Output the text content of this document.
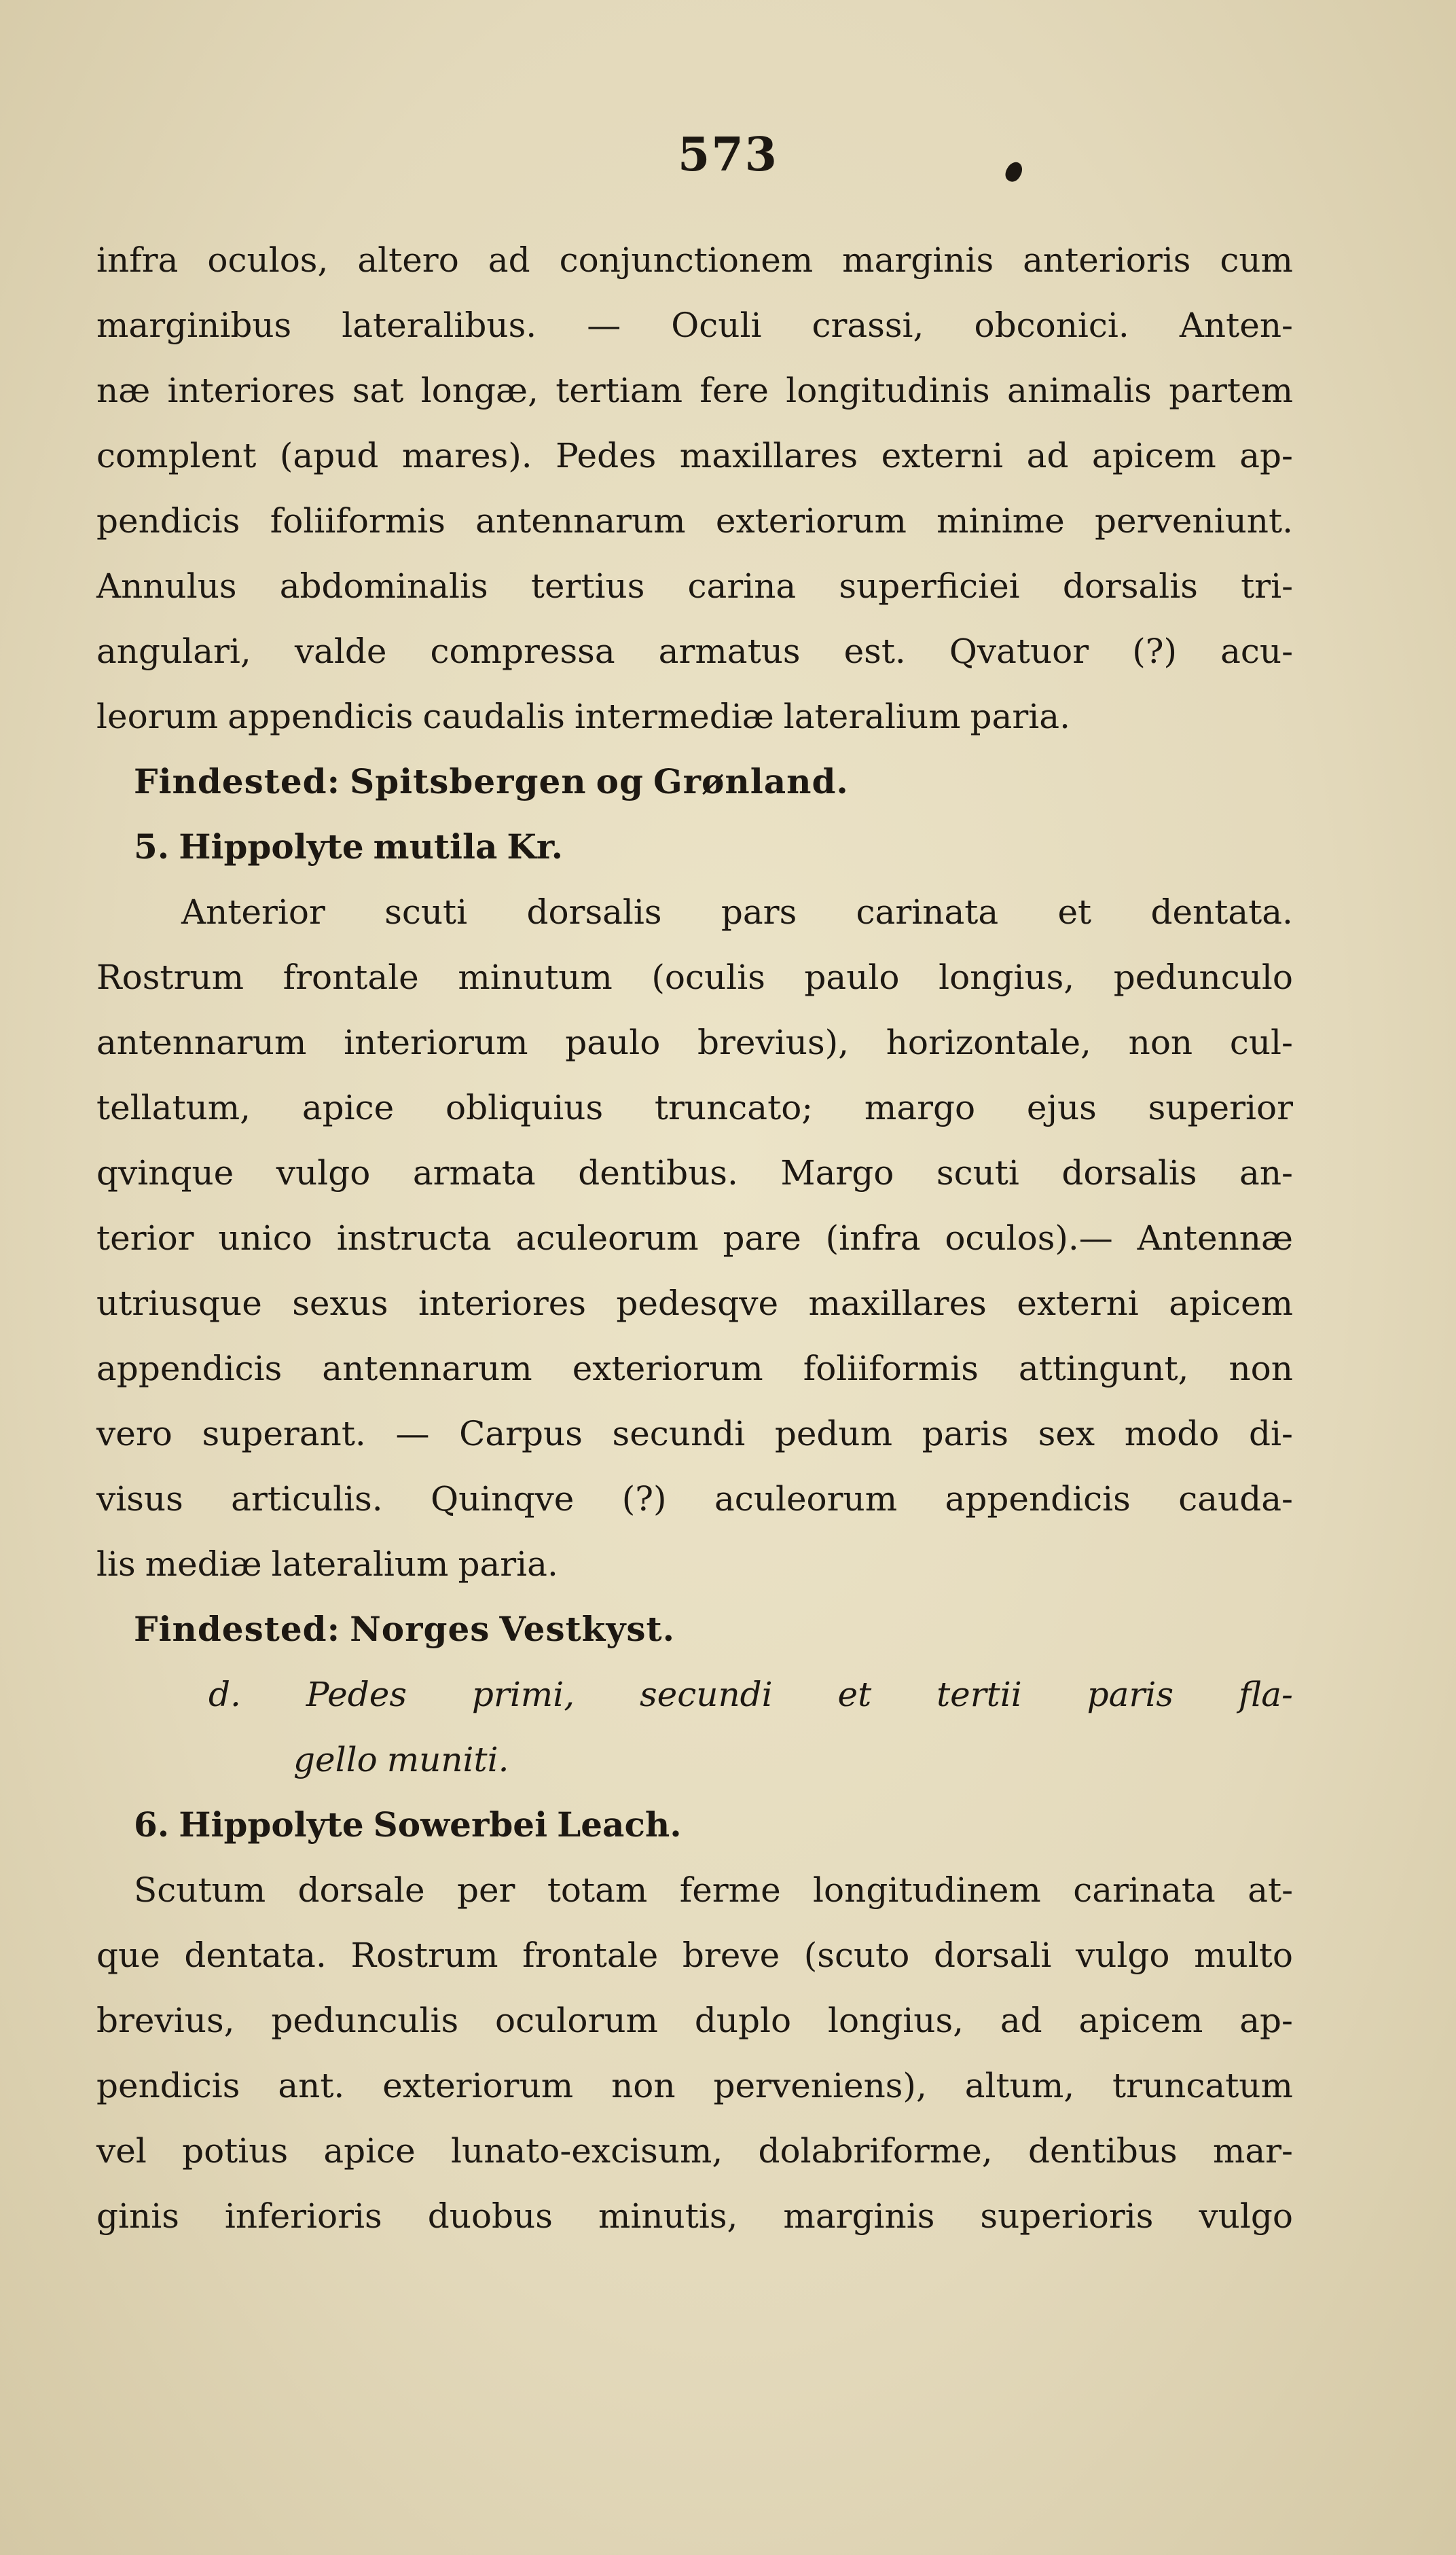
573
infra oculos, altero ad conjunctionem marginis anterioris cum
marginibus lateralibus. — Oculi crassi, obconici. Anten-
næ interiores sat longæ, tertiam fere longitudinis animalis partem
complent (apud mares). Pedes maxillares externi ad apicem ap-
pendicis foliiformis antennarum exteriorum minime perveniunt.
Annulus abdominalis tertius carina superficiei dorsalis tri-
angulari, valde compressa armatus est. Qvatuor (?) acu-
leorum appendicis caudalis intermediæ lateralium paria.
Findested: Spitsbergen og Grønland.
5. Hippolyte mutila Kr.
Anterior scuti dorsalis pars carinata et dentata.
Rostrum frontale minutum (oculis paulo longius, pedunculo
antennarum interiorum paulo brevius), horizontale, non cul-
tellatum, apice obliquius truncato; margo ejus superior
qvinque vulgo armata dentibus. Margo scuti dorsalis an-
terior unico instructa aculeorum pare (infra oculos).— Antennæ
utriusque sexus interiores pedesqve maxillares externi apicem
appendicis antennarum exteriorum foliiformis attingunt, non
vero superant. — Carpus secundi pedum paris sex modo di-
visus articulis. Quinqve (?) aculeorum appendicis cauda-
lis mediæ lateralium paria.
Findested: Norges Vestkyst.
d. Pedes primi, secundi et tertii paris fla-
gello muniti.
6. Hippolyte Sowerbei Leach.
Scutum dorsale per totam ferme longitudinem carinata at-
que dentata. Rostrum frontale breve (scuto dorsali vulgo multo
brevius, pedunculis oculorum duplo longius, ad apicem ap-
pendicis ant. exteriorum non perveniens), altum, truncatum
vel potius apice lunato-excisum, dolabriforme, dentibus mar-
ginis inferioris duobus minutis, marginis superioris vulgo
